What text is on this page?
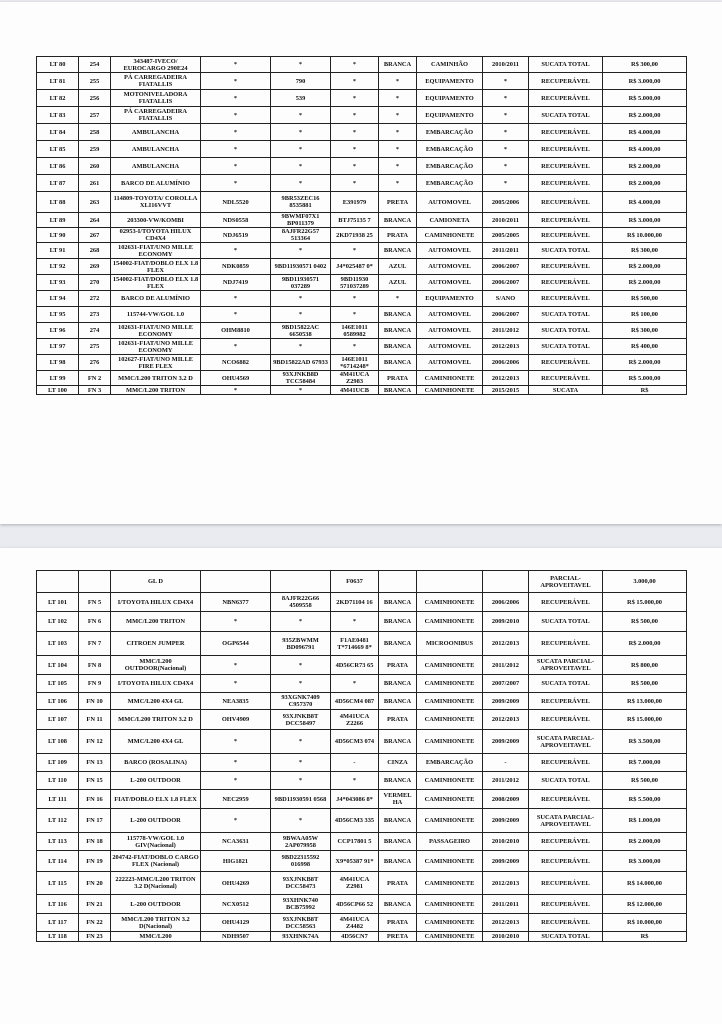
LT 80	254	343487-IVECO/ EUROCARGO 290E24	*	*	*	BRANCA	CAMINHÃO	2010/2011	SUCATA TOTAL	R$ 300,00
LT 81	255	PÁ CARREGADEIRA FIATALLIS	*	790	*	*	EQUIPAMENTO	*	RECUPERÁVEL	R$ 3.000,00
LT 82	256	MOTONIVELADORA FIATALLIS	*	539	*	*	EQUIPAMENTO	*	RECUPERÁVEL	R$ 5.000,00
LT 83	257	PÁ CARREGADEIRA FIATALLIS	*	*	*	*	EQUIPAMENTO	*	SUCATA TOTAL	R$ 2.000,00
LT 84	258	AMBULANCHA	*	*	*	*	EMBARCAÇÃO	*	RECUPERÁVEL	R$ 4.000,00
LT 85	259	AMBULANCHA	*	*	*	*	EMBARCAÇÃO	*	RECUPERÁVEL	R$ 4.000,00
LT 86	260	AMBULANCHA	*	*	*	*	EMBARCAÇÃO	*	RECUPERÁVEL	R$ 2.000,00
LT 87	261	BARCO DE ALUMÍNIO	*	*	*	*	EMBARCAÇÃO	*	RECUPERÁVEL	R$ 2.000,00
LT 88	263	114809-TOYOTA/ COROLLA XLI16VVT	NDL5520	9BR53ZEC16 8535881	E391979	PRETA	AUTOMOVEL	2005/2006	RECUPERÁVEL	R$ 4.000,00
LT 89	264	203300-VW/KOMBI	NDS0558	9BWMF07X1 BP011379	BTJ75135 7	BRANCA	CAMIONETA	2010/2011	RECUPERÁVEL	R$ 3.000,00
LT 90	267	02953-I/TOYOTA HILUX CD4X4	NDJ6519	8AJFR22G57 513364	2KD71938 25	PRATA	CAMINHONETE	2005/2005	RECUPERÁVEL	R$ 10.000,00
LT 91	268	102631-FIAT/UNO MILLE ECONOMY	*	*	*	BRANCA	AUTOMOVEL	2011/2011	SUCATA TOTAL	R$ 300,00
LT 92	269	154002-FIAT/DOBLO ELX 1.8 FLEX	NDK0859	9BD11930571 0402	J4*025487 0*	AZUL	AUTOMOVEL	2006/2007	RECUPERÁVEL	R$ 2.000,00
LT 93	270	154002-FIAT/DOBLO ELX 1.8 FLEX	NDJ7419	9BD11930571 037289	9BD11930 571037289	AZUL	AUTOMOVEL	2006/2007	RECUPERÁVEL	R$ 2.000,00
LT 94	272	BARCO DE ALUMÍNIO	*	*	*	*	EQUIPAMENTO	S/ANO	RECUPERÁVEL	R$ 500,00
LT 95	273	115744-VW/GOL 1.0	*	*	*	BRANCA	AUTOMOVEL	2006/2007	SUCATA TOTAL	R$ 100,00
LT 96	274	102631-FIAT/UNO MILLE ECONOMY	OHM8810	9BD15822AC 6650538	146E1011 0589982	BRANCA	AUTOMOVEL	2011/2012	SUCATA TOTAL	R$ 300,00
LT 97	275	102631-FIAT/UNO MILLE ECONOMY	*	*	*	BRANCA	AUTOMOVEL	2012/2013	SUCATA TOTAL	R$ 400,00
LT 98	276	102627-FIAT/UNO MILLE FIRE FLEX	NCO6882	9BD15822AD 67933	146E1011 *6714248*	BRANCA	AUTOMOVEL	2006/2006	RECUPERÁVEL	R$ 2.000,00
LT 99	FN 2	MMC/L200 TRITON 3.2 D	OHU4569	93XJNKB8D TCC58484	4M41UCA Z2983	PRATA	CAMINHONETE	2012/2013	RECUPERÁVEL	R$ 5.000,00
LT 100	FN 3	MMC/L200 TRITON	*	*	4M41UCB	BRANCA	CAMINHONETE	2015/2015	SUCATA	R$
		GL D			F0637				PARCIAL- APROVEITAVEL	3.000,00
LT 101	FN 5	I/TOYOTA HILUX CD4X4	NBN6377	8AJFR22G66 4509558	2KD71104 16	BRANCA	CAMINHONETE	2006/2006	RECUPERÁVEL	R$ 15.000,00
LT 102	FN 6	MMC/L200 TRITON	*	*	*	BRANCA	CAMINHONETE	2009/2010	SUCATA TOTAL	R$ 500,00
LT 103	FN 7	CITROEN JUMPER	OGP6544	935ZBWMM BD096791	F1AE0481 T*714669 8*	BRANCA	MICROONIBUS	2012/2013	RECUPERÁVEL	R$ 2.000,00
LT 104	FN 8	MMC/L200 OUTDOOR(Nacional)	*	*	4D56CR73 65	PRATA	CAMINHONETE	2011/2012	SUCATA PARCIAL- APROVEITAVEL	R$ 800,00
LT 105	FN 9	I/TOYOTA HILUX CD4X4	*	*	*	BRANCA	CAMINHONETE	2007/2007	SUCATA TOTAL	R$ 500,00
LT 106	FN 10	MMC/L200 4X4 GL	NEA3835	93XGNK7409 C957370	4D56CM4 087	BRANCA	CAMINHONETE	2009/2009	RECUPERÁVEL	R$ 13.000,00
LT 107	FN 11	MMC/L200 TRITON 3.2 D	OHV4909	93XJNKB8T DCC58497	4M41UCA Z2266	PRATA	CAMINHONETE	2012/2013	RECUPERÁVEL	R$ 15.000,00
LT 108	FN 12	MMC/L200 4X4 GL	*	*	4D56CM3 074	BRANCA	CAMINHONETE	2009/2009	SUCATA PARCIAL- APROVEITAVEL	R$ 3.500,00
LT 109	FN 13	BARCO (ROSALINA)	*	*	-	CINZA	EMBARCAÇÃO	-	RECUPERÁVEL	R$ 7.000,00
LT 110	FN 15	L-200 OUTDOOR	*	*	*	BRANCA	CAMINHONETE	2011/2012	SUCATA TOTAL	R$ 500,00
LT 111	FN 16	FIAT/DOBLO ELX 1.8 FLEX	NEC2959	9BD11930591 0568	J4*043086 8*	VERMEL HA	CAMINHONETE	2008/2009	RECUPERÁVEL	R$ 5.500,00
LT 112	FN 17	L-200 OUTDOOR	*	*	4D56CM3 335	BRANCA	CAMINHONETE	2009/2009	SUCATA PARCIAL- APROVEITAVEL	R$ 1.000,00
LT 113	FN 18	115778-VW/GOL 1.0 GIV(Nacional)	NCA3631	9BWAA05W 2AP079958	CCP17801 5	BRANCA	PASSAGEIRO	2010/2010	RECUPERÁVEL	R$ 2.000,00
LT 114	FN 19	204742-FIAT/DOBLO CARGO FLEX (Nacional)	HIG1821	9BD22315592 016998	X9*05387 91*	BRANCA	CAMINHONETE	2009/2009	RECUPERÁVEL	R$ 3.000,00
LT 115	FN 20	222223-MMC/L200 TRITON 3.2 D(Nacional)	OHU4269	93XJNKB8T DCC58473	4M41UCA Z2981	PRATA	CAMINHONETE	2012/2013	RECUPERÁVEL	R$ 14.000,00
LT 116	FN 21	L-200 OUTDOOR	NCX0512	93XHNK740 BCB75992	4D56CP66 52	BRANCA	CAMINHONETE	2011/2011	RECUPERÁVEL	R$ 12.000,00
LT 117	FN 22	MMC/L200 TRITON 3.2 D(Nacional)	OHU4129	93XJNKB8T DCC58563	4M41UCA Z4482	PRATA	CAMINHONETE	2012/2013	RECUPERÁVEL	R$ 10.000,00
LT 118	FN 23	MMC/L200	NDH9507	93XHNK74A	4D56CN7	PRETA	CAMINHONETE	2010/2010	SUCATA TOTAL	R$
